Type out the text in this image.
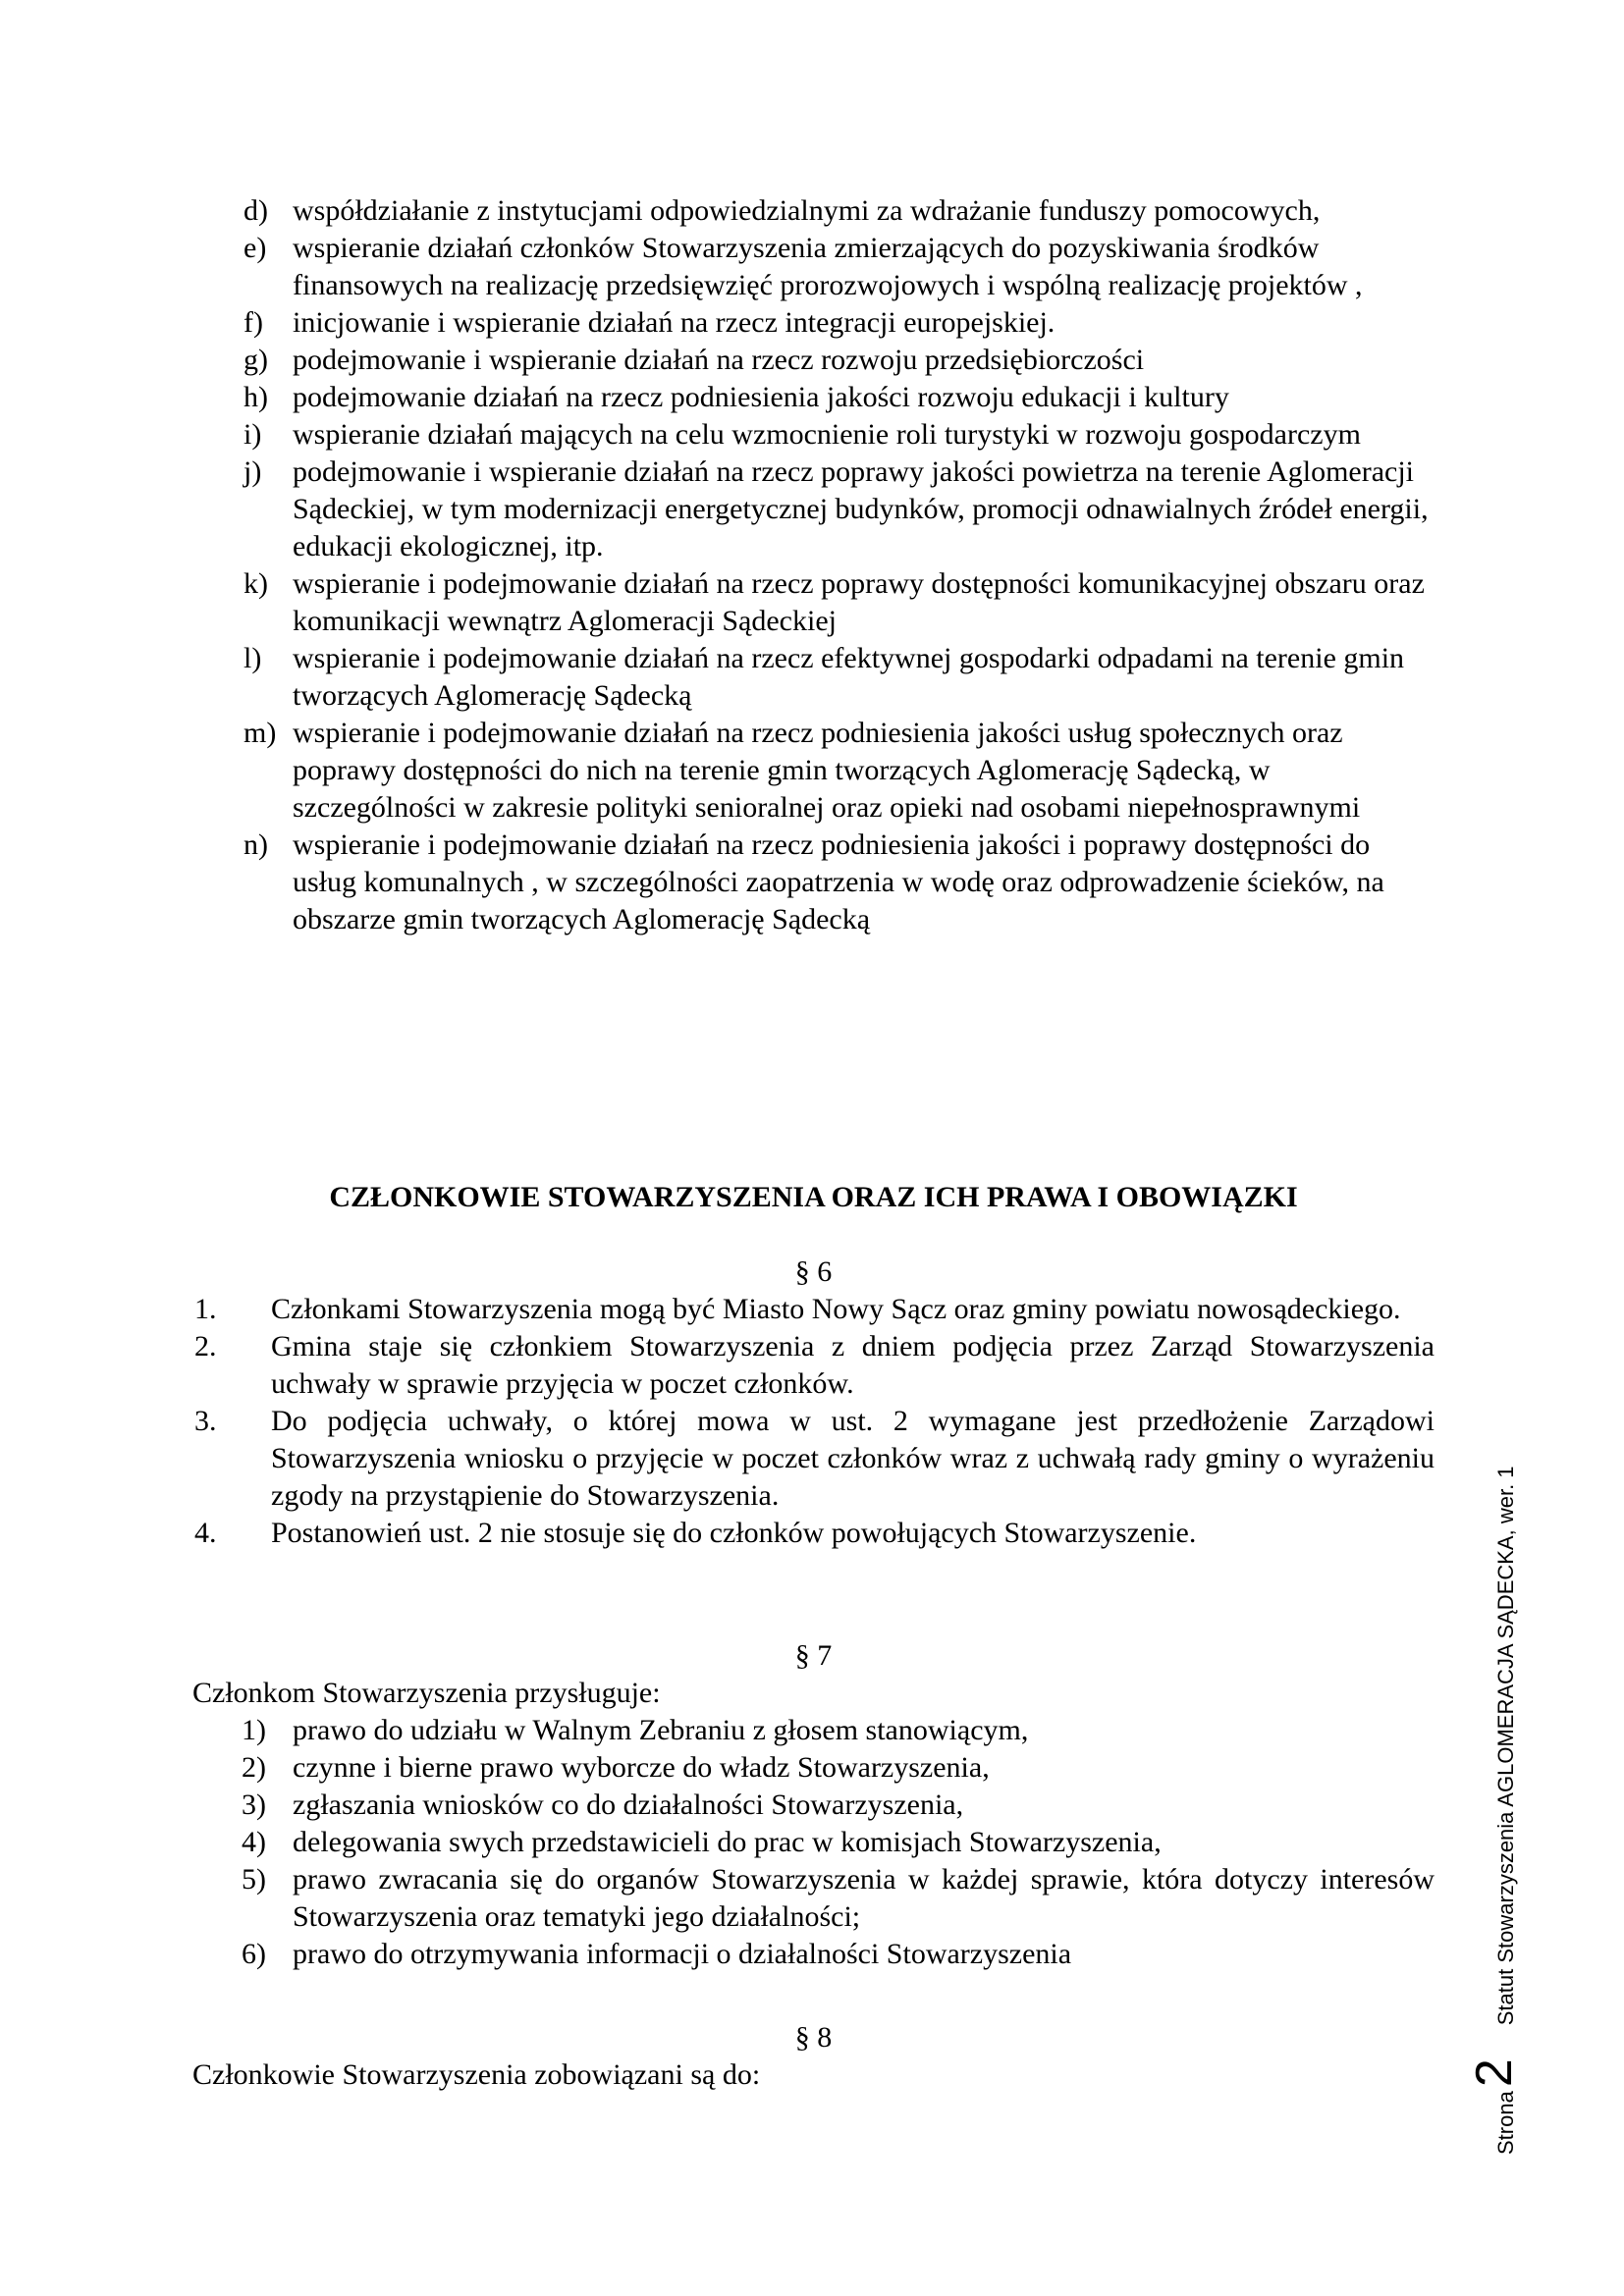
d) współdziałanie z instytucjami odpowiedzialnymi za wdrażanie funduszy pomocowych,
e) wspieranie działań członków Stowarzyszenia zmierzających do pozyskiwania środków finansowych na realizację przedsięwzięć prorozwojowych i wspólną realizację projektów ,
f) inicjowanie i wspieranie działań na rzecz integracji europejskiej.
g) podejmowanie i wspieranie działań na rzecz rozwoju przedsiębiorczości
h) podejmowanie działań na rzecz podniesienia jakości rozwoju edukacji i kultury
i) wspieranie działań mających na celu wzmocnienie roli turystyki w rozwoju gospodarczym
j) podejmowanie i wspieranie działań na rzecz poprawy jakości powietrza na terenie Aglomeracji Sądeckiej, w tym modernizacji energetycznej budynków, promocji odnawialnych źródeł energii, edukacji ekologicznej, itp.
k) wspieranie i podejmowanie działań na rzecz poprawy dostępności komunikacyjnej obszaru oraz komunikacji wewnątrz Aglomeracji Sądeckiej
l) wspieranie i podejmowanie działań na rzecz efektywnej gospodarki odpadami na terenie gmin tworzących Aglomerację Sądecką
m) wspieranie i podejmowanie działań na rzecz podniesienia jakości usług społecznych oraz poprawy dostępności do nich na terenie gmin tworzących Aglomerację Sądecką, w szczególności w zakresie polityki senioralnej oraz opieki nad osobami niepełnosprawnymi
n) wspieranie i podejmowanie działań na rzecz podniesienia jakości i poprawy dostępności do usług komunalnych , w szczególności zaopatrzenia w wodę oraz odprowadzenie ścieków, na obszarze gmin tworzących Aglomerację Sądecką
CZŁONKOWIE STOWARZYSZENIA ORAZ ICH PRAWA I OBOWIĄZKI

§ 6

1. Członkami Stowarzyszenia mogą być Miasto Nowy Sącz oraz gminy powiatu nowosądeckiego.
2. Gmina staje się członkiem Stowarzyszenia z dniem podjęcia przez Zarząd Stowarzyszenia uchwały w sprawie przyjęcia w poczet członków.
3. Do podjęcia uchwały, o której mowa w ust. 2 wymagane jest przedłożenie Zarządowi Stowarzyszenia wniosku o przyjęcie w poczet członków wraz z uchwałą rady gminy o wyrażeniu zgody na przystąpienie do Stowarzyszenia.
4. Postanowień ust. 2 nie stosuje się do członków powołujących Stowarzyszenie.

§ 7

Członkom Stowarzyszenia przysługuje:

1) prawo do udziału w Walnym Zebraniu z głosem stanowiącym,
2) czynne i bierne prawo wyborcze do władz Stowarzyszenia,
3) zgłaszania wniosków co do działalności Stowarzyszenia,
4) delegowania swych przedstawicieli do prac w komisjach Stowarzyszenia,
5) prawo zwracania się do organów Stowarzyszenia w każdej sprawie, która dotyczy interesów Stowarzyszenia oraz tematyki jego działalności;
6) prawo do otrzymywania informacji o działalności Stowarzyszenia

§ 8

Członkowie Stowarzyszenia zobowiązani są do:

Strona
2
Statut Stowarzyszenia AGLOMERACJA SĄDECKA, wer. 1
